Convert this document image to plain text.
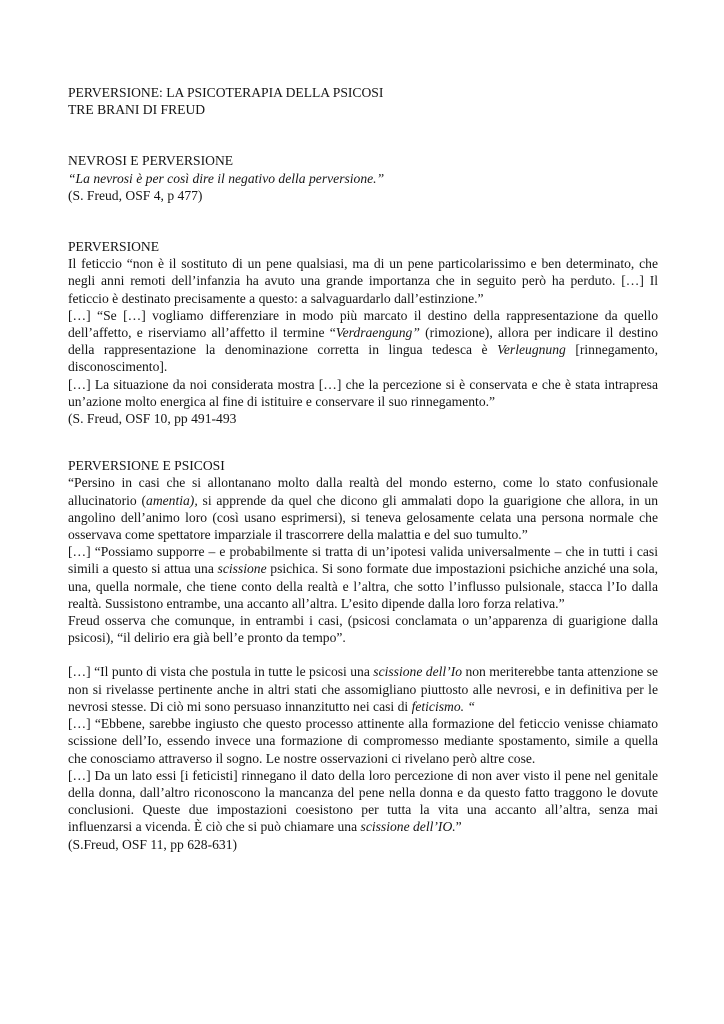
PERVERSIONE: LA PSICOTERAPIA DELLA PSICOSI
TRE BRANI DI FREUD
NEVROSI E PERVERSIONE
“La nevrosi è per così dire il negativo della perversione.”
(S. Freud, OSF 4, p 477)
PERVERSIONE
Il feticcio “non è il sostituto di un pene qualsiasi, ma di un pene particolarissimo e ben determinato, che negli anni remoti dell’infanzia ha avuto una grande importanza che in seguito però ha perduto. […] Il feticcio è destinato precisamente a questo: a salvaguardarlo dall’estinzione.”
[…] “Se […] vogliamo differenziare in modo più marcato il destino della rappresentazione da quello dell’affetto, e riserviamo all’affetto il termine “Verdraengung” (rimozione), allora per indicare il destino della rappresentazione la denominazione corretta in lingua tedesca è Verleugnung [rinnegamento, disconoscimento].
[…] La situazione da noi considerata mostra […] che la percezione si è conservata e che è stata intrapresa un’azione molto energica al fine di istituire e conservare il suo rinnegamento.”
(S. Freud, OSF 10, pp 491-493
PERVERSIONE E PSICOSI
“Persino in casi che si allontanano molto dalla realtà del mondo esterno, come lo stato confusionale allucinatorio (amentia), si apprende da quel che dicono gli ammalati dopo la guarigione che allora, in un angolino dell’animo loro (così usano esprimersi), si teneva gelosamente celata una persona normale che osservava come spettatore imparziale il trascorrere della malattia e del suo tumulto.”
[…] “Possiamo supporre – e probabilmente si tratta di un’ipotesi valida universalmente – che in tutti i casi simili a questo si attua una scissione psichica. Si sono formate due impostazioni psichiche anziché una sola, una, quella normale, che tiene conto della realtà e l’altra, che sotto l’influsso pulsionale, stacca l’Io dalla realtà. Sussistono entrambe, una accanto all’altra. L’esito dipende dalla loro forza relativa.”
Freud osserva che comunque, in entrambi i casi, (psicosi conclamata o un’apparenza di guarigione dalla psicosi), “il delirio era già bell’e pronto da tempo”.
[…] “Il punto di vista che postula in tutte le psicosi una scissione dell’Io non meriterebbe tanta attenzione se non si rivelasse pertinente anche in altri stati che assomigliano piuttosto alle nevrosi, e in definitiva per le nevrosi stesse. Di ciò mi sono persuaso innanzitutto nei casi di feticismo. “
[…] “Ebbene, sarebbe ingiusto che questo processo attinente alla formazione del feticcio venisse chiamato scissione dell’Io, essendo invece una formazione di compromesso mediante spostamento, simile a quella che conosciamo attraverso il sogno. Le nostre osservazioni ci rivelano però altre cose.
[…] Da un lato essi [i feticisti] rinnegano il dato della loro percezione di non aver visto il pene nel genitale della donna, dall’altro riconoscono la mancanza del pene nella donna e da questo fatto traggono le dovute conclusioni. Queste due impostazioni coesistono per tutta la vita una accanto all’altra, senza mai influenzarsi a vicenda. È ciò che si può chiamare una scissione dell’IO.”
(S.Freud, OSF 11, pp 628-631)
